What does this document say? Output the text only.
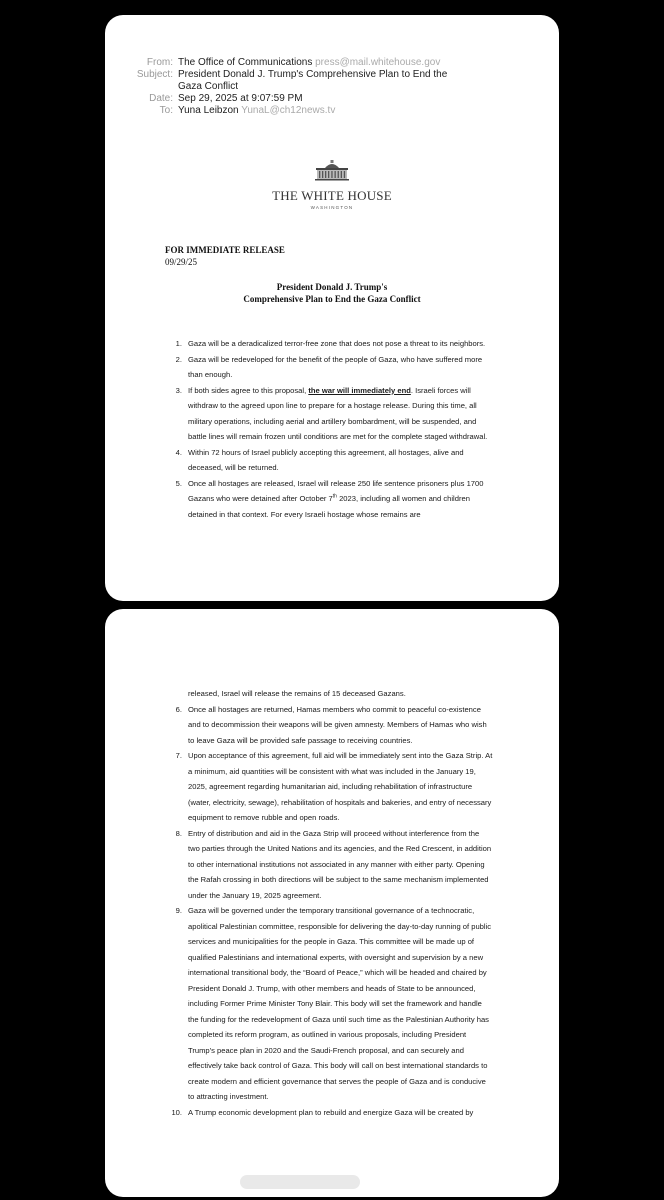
From: The Office of Communications press@mail.whitehouse.gov
Subject: President Donald J. Trump's Comprehensive Plan to End the Gaza Conflict
Date: Sep 29, 2025 at 9:07:59 PM
To: Yuna Leibzon YunaL@ch12news.tv
THE WHITE HOUSE
WASHINGTON
FOR IMMEDIATE RELEASE
09/29/25
President Donald J. Trump's
Comprehensive Plan to End the Gaza Conflict
1. Gaza will be a deradicalized terror-free zone that does not pose a threat to its neighbors.
2. Gaza will be redeveloped for the benefit of the people of Gaza, who have suffered more than enough.
3. If both sides agree to this proposal, the war will immediately end. Israeli forces will withdraw to the agreed upon line to prepare for a hostage release. During this time, all military operations, including aerial and artillery bombardment, will be suspended, and battle lines will remain frozen until conditions are met for the complete staged withdrawal.
4. Within 72 hours of Israel publicly accepting this agreement, all hostages, alive and deceased, will be returned.
5. Once all hostages are released, Israel will release 250 life sentence prisoners plus 1700 Gazans who were detained after October 7th 2023, including all women and children detained in that context. For every Israeli hostage whose remains are
released, Israel will release the remains of 15 deceased Gazans.
6. Once all hostages are returned, Hamas members who commit to peaceful co-existence and to decommission their weapons will be given amnesty. Members of Hamas who wish to leave Gaza will be provided safe passage to receiving countries.
7. Upon acceptance of this agreement, full aid will be immediately sent into the Gaza Strip. At a minimum, aid quantities will be consistent with what was included in the January 19, 2025, agreement regarding humanitarian aid, including rehabilitation of infrastructure (water, electricity, sewage), rehabilitation of hospitals and bakeries, and entry of necessary equipment to remove rubble and open roads.
8. Entry of distribution and aid in the Gaza Strip will proceed without interference from the two parties through the United Nations and its agencies, and the Red Crescent, in addition to other international institutions not associated in any manner with either party. Opening the Rafah crossing in both directions will be subject to the same mechanism implemented under the January 19, 2025 agreement.
9. Gaza will be governed under the temporary transitional governance of a technocratic, apolitical Palestinian committee, responsible for delivering the day-to-day running of public services and municipalities for the people in Gaza. This committee will be made up of qualified Palestinians and international experts, with oversight and supervision by a new international transitional body, the “Board of Peace,” which will be headed and chaired by President Donald J. Trump, with other members and heads of State to be announced, including Former Prime Minister Tony Blair. This body will set the framework and handle the funding for the redevelopment of Gaza until such time as the Palestinian Authority has completed its reform program, as outlined in various proposals, including President Trump's peace plan in 2020 and the Saudi-French proposal, and can securely and effectively take back control of Gaza. This body will call on best international standards to create modern and efficient governance that serves the people of Gaza and is conducive to attracting investment.
10. A Trump economic development plan to rebuild and energize Gaza will be created by
